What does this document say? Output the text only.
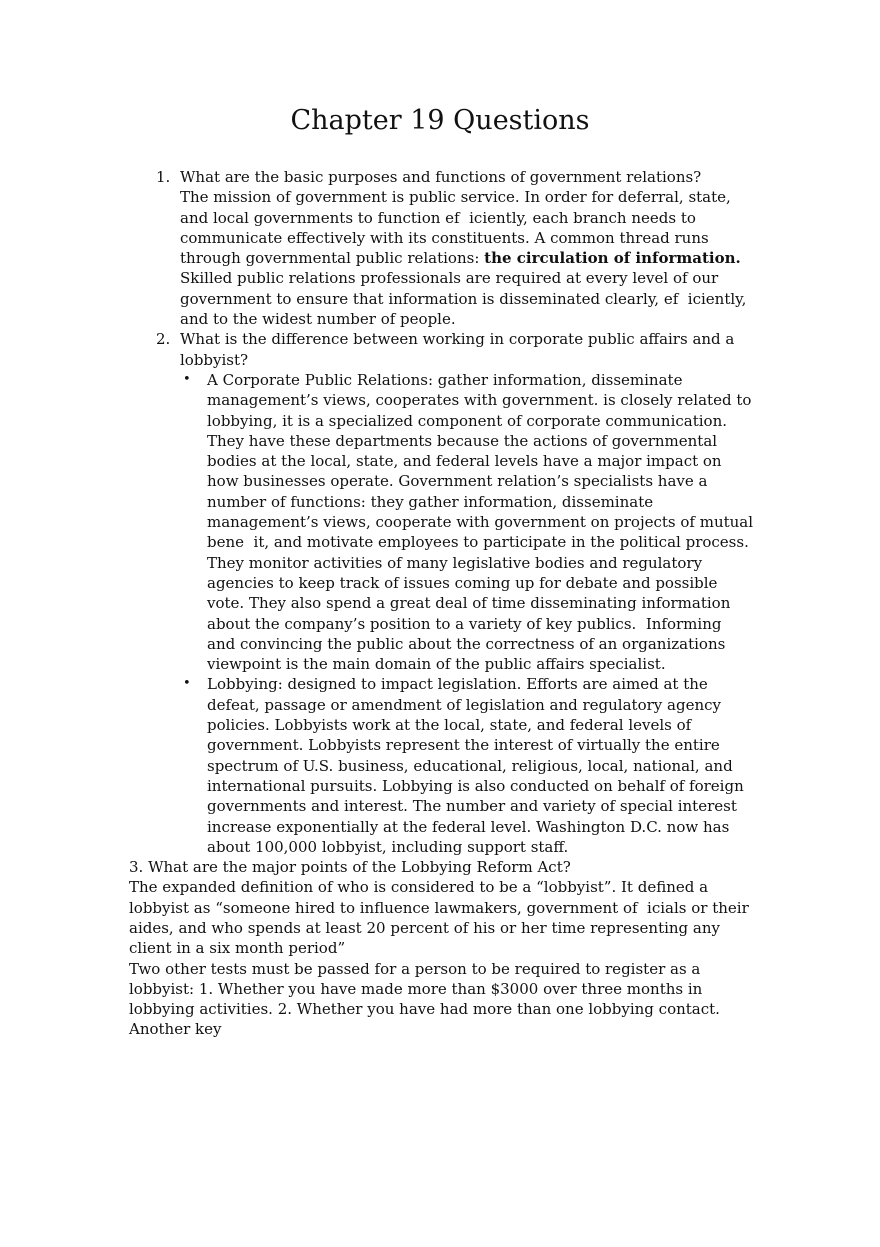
Chapter 19 Questions
1. What are the basic purposes and functions of government relations?
The mission of government is public service. In order for deferral, state, and local governments to function ef  iciently, each branch needs to communicate effectively with its constituents. A common thread runs through governmental public relations: the circulation of information. Skilled public relations professionals are required at every level of our government to ensure that information is disseminated clearly, ef  iciently, and to the widest number of people.
2. What is the difference between working in corporate public affairs and a lobbyist?
• A Corporate Public Relations: gather information, disseminate management’s views, cooperates with government. is closely related to lobbying, it is a specialized component of corporate communication. They have these departments because the actions of governmental bodies at the local, state, and federal levels have a major impact on how businesses operate. Government relation’s specialists have a number of functions: they gather information, disseminate management’s views, cooperate with government on projects of mutual bene  it, and motivate employees to participate in the political process. They monitor activities of many legislative bodies and regulatory agencies to keep track of issues coming up for debate and possible vote. They also spend a great deal of time disseminating information about the company’s position to a variety of key publics.  Informing and convincing the public about the correctness of an organizations viewpoint is the main domain of the public affairs specialist.
• Lobbying: designed to impact legislation. Efforts are aimed at the defeat, passage or amendment of legislation and regulatory agency policies. Lobbyists work at the local, state, and federal levels of government. Lobbyists represent the interest of virtually the entire spectrum of U.S. business, educational, religious, local, national, and international pursuits. Lobbying is also conducted on behalf of foreign governments and interest. The number and variety of special interest increase exponentially at the federal level. Washington D.C. now has about 100,000 lobbyist, including support staff.

3. What are the major points of the Lobbying Reform Act?

The expanded definition of who is considered to be a “lobbyist”. It defined a lobbyist as “someone hired to influence lawmakers, government of  icials or their aides, and who spends at least 20 percent of his or her time representing any client in a six month period”

Two other tests must be passed for a person to be required to register as a lobbyist: 1. Whether you have made more than $3000 over three months in lobbying activities. 2. Whether you have had more than one lobbying contact. Another key
